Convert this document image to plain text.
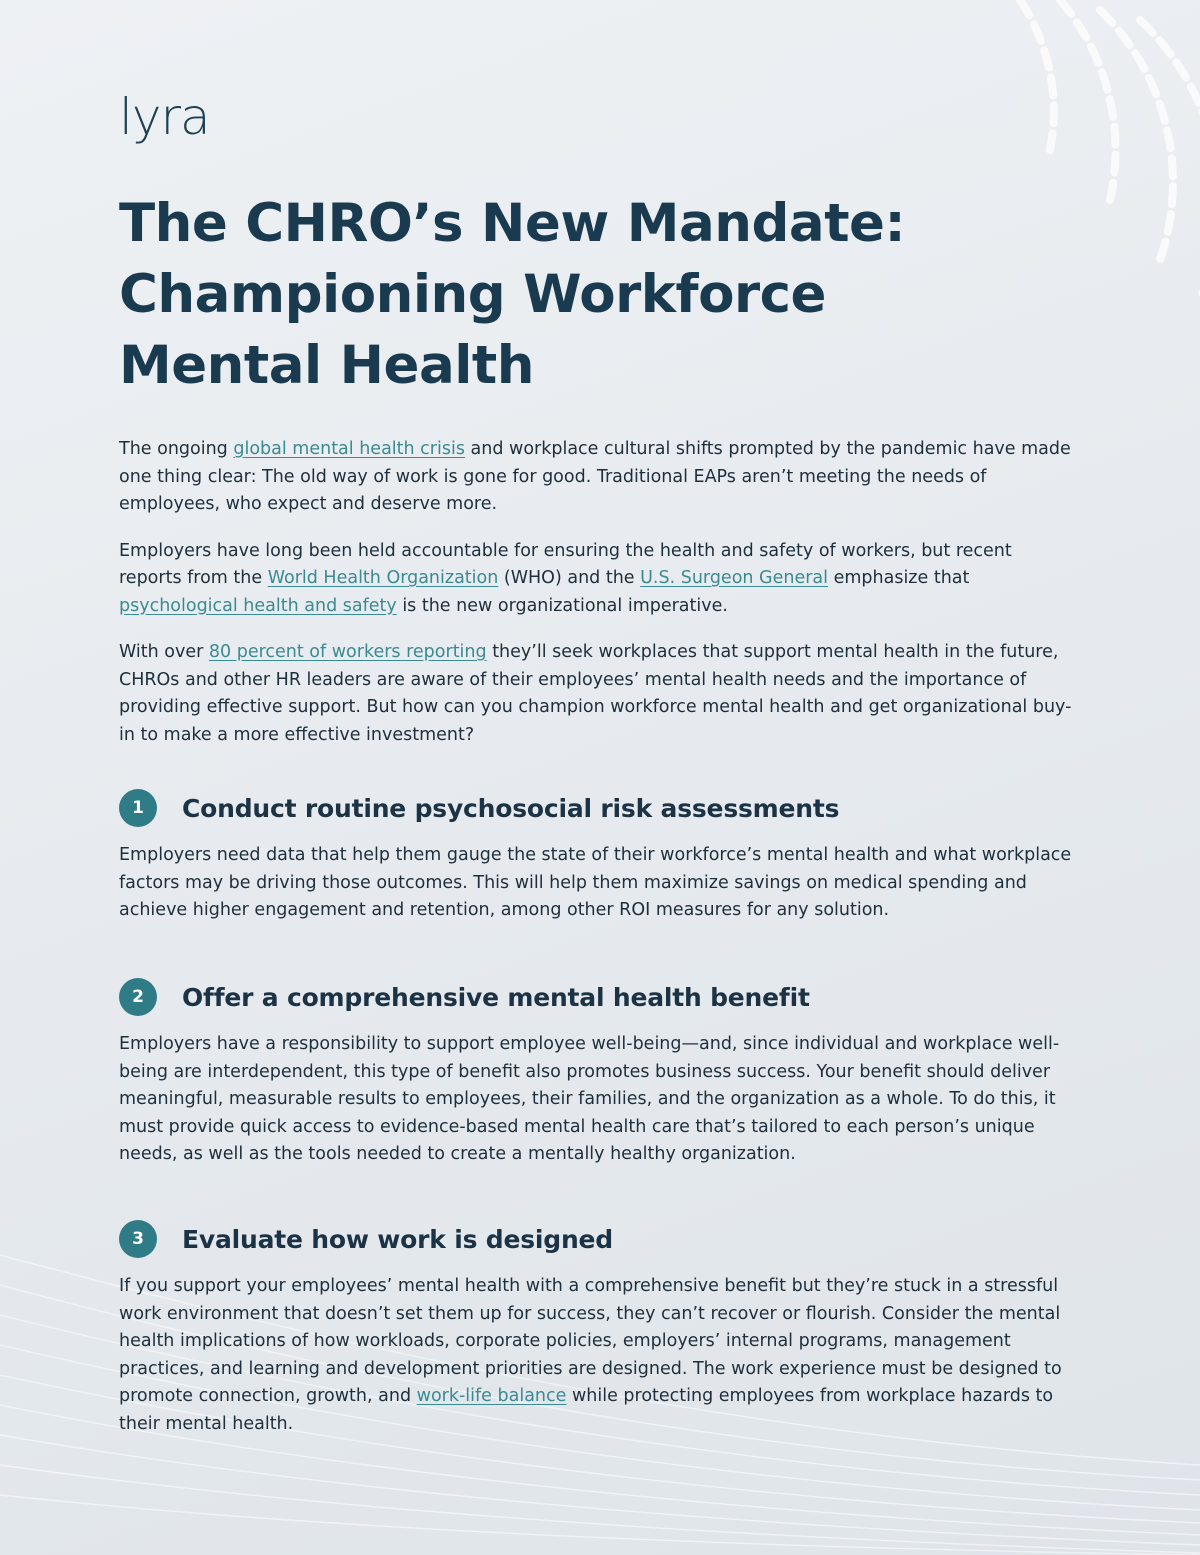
lyra
The CHRO’s New Mandate:
Championing Workforce
Mental Health

The ongoing global mental health crisis and workplace cultural shifts prompted by the pandemic have made one thing clear: The old way of work is gone for good. Traditional EAPs aren’t meeting the needs of employees, who expect and deserve more.

Employers have long been held accountable for ensuring the health and safety of workers, but recent reports from the World Health Organization (WHO) and the U.S. Surgeon General emphasize that psychological health and safety is the new organizational imperative.

With over 80 percent of workers reporting they’ll seek workplaces that support mental health in the future, CHROs and other HR leaders are aware of their employees’ mental health needs and the importance of providing effective support. But how can you champion workforce mental health and get organizational buy-in to make a more effective investment?

1	Conduct routine psychosocial risk assessments

Employers need data that help them gauge the state of their workforce’s mental health and what workplace factors may be driving those outcomes. This will help them maximize savings on medical spending and achieve higher engagement and retention, among other ROI measures for any solution.

2	Offer a comprehensive mental health benefit

Employers have a responsibility to support employee well-being—and, since individual and workplace well-being are interdependent, this type of benefit also promotes business success. Your benefit should deliver meaningful, measurable results to employees, their families, and the organization as a whole. To do this, it must provide quick access to evidence-based mental health care that’s tailored to each person’s unique needs, as well as the tools needed to create a mentally healthy organization.

3	Evaluate how work is designed

If you support your employees’ mental health with a comprehensive benefit but they’re stuck in a stressful work environment that doesn’t set them up for success, they can’t recover or flourish. Consider the mental health implications of how workloads, corporate policies, employers’ internal programs, management practices, and learning and development priorities are designed. The work experience must be designed to promote connection, growth, and work-life balance while protecting employees from workplace hazards to their mental health.
